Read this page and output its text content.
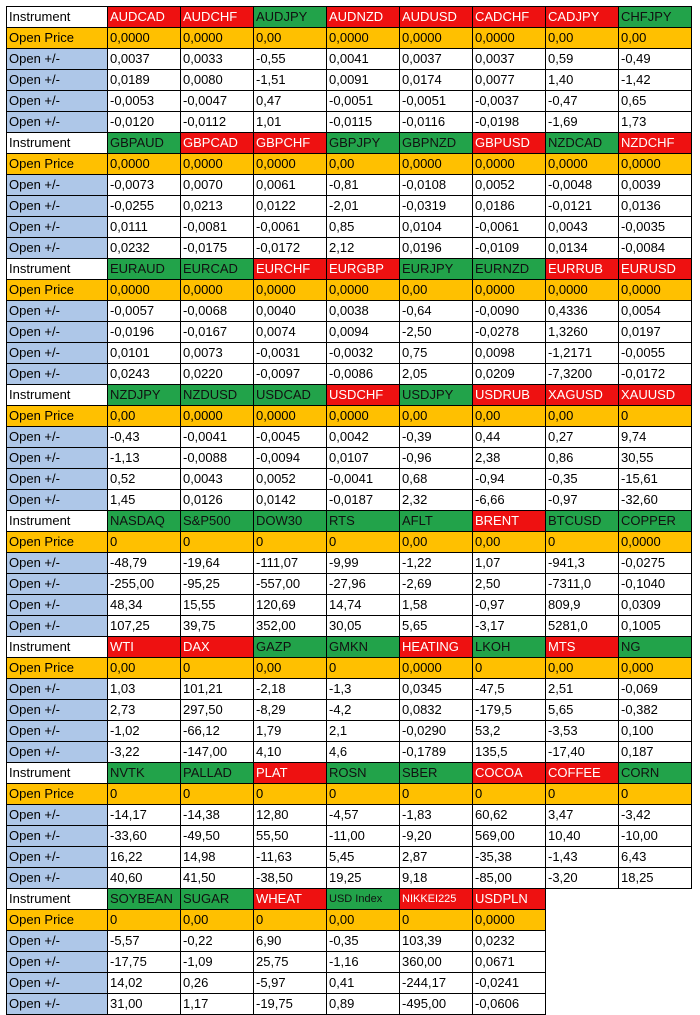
Instrument	AUDCAD	AUDCHF	AUDJPY	AUDNZD	AUDUSD	CADCHF	CADJPY	CHFJPY
Open Price	0,0000	0,0000	0,00	0,0000	0,0000	0,0000	0,00	0,00
Open +/-	0,0037	0,0033	-0,55	0,0041	0,0037	0,0037	0,59	-0,49
Open +/-	0,0189	0,0080	-1,51	0,0091	0,0174	0,0077	1,40	-1,42
Open +/-	-0,0053	-0,0047	0,47	-0,0051	-0,0051	-0,0037	-0,47	0,65
Open +/-	-0,0120	-0,0112	1,01	-0,0115	-0,0116	-0,0198	-1,69	1,73
Instrument	GBPAUD	GBPCAD	GBPCHF	GBPJPY	GBPNZD	GBPUSD	NZDCAD	NZDCHF
Open Price	0,0000	0,0000	0,0000	0,00	0,0000	0,0000	0,0000	0,0000
Open +/-	-0,0073	0,0070	0,0061	-0,81	-0,0108	0,0052	-0,0048	0,0039
Open +/-	-0,0255	0,0213	0,0122	-2,01	-0,0319	0,0186	-0,0121	0,0136
Open +/-	0,0111	-0,0081	-0,0061	0,85	0,0104	-0,0061	0,0043	-0,0035
Open +/-	0,0232	-0,0175	-0,0172	2,12	0,0196	-0,0109	0,0134	-0,0084
Instrument	EURAUD	EURCAD	EURCHF	EURGBP	EURJPY	EURNZD	EURRUB	EURUSD
Open Price	0,0000	0,0000	0,0000	0,0000	0,00	0,0000	0,0000	0,0000
Open +/-	-0,0057	-0,0068	0,0040	0,0038	-0,64	-0,0090	0,4336	0,0054
Open +/-	-0,0196	-0,0167	0,0074	0,0094	-2,50	-0,0278	1,3260	0,0197
Open +/-	0,0101	0,0073	-0,0031	-0,0032	0,75	0,0098	-1,2171	-0,0055
Open +/-	0,0243	0,0220	-0,0097	-0,0086	2,05	0,0209	-7,3200	-0,0172
Instrument	NZDJPY	NZDUSD	USDCAD	USDCHF	USDJPY	USDRUB	XAGUSD	XAUUSD
Open Price	0,00	0,0000	0,0000	0,0000	0,00	0,00	0,00	0
Open +/-	-0,43	-0,0041	-0,0045	0,0042	-0,39	0,44	0,27	9,74
Open +/-	-1,13	-0,0088	-0,0094	0,0107	-0,96	2,38	0,86	30,55
Open +/-	0,52	0,0043	0,0052	-0,0041	0,68	-0,94	-0,35	-15,61
Open +/-	1,45	0,0126	0,0142	-0,0187	2,32	-6,66	-0,97	-32,60
Instrument	NASDAQ	S&P500	DOW30	RTS	AFLT	BRENT	BTCUSD	COPPER
Open Price	0	0	0	0	0,00	0,00	0	0,0000
Open +/-	-48,79	-19,64	-111,07	-9,99	-1,22	1,07	-941,3	-0,0275
Open +/-	-255,00	-95,25	-557,00	-27,96	-2,69	2,50	-7311,0	-0,1040
Open +/-	48,34	15,55	120,69	14,74	1,58	-0,97	809,9	0,0309
Open +/-	107,25	39,75	352,00	30,05	5,65	-3,17	5281,0	0,1005
Instrument	WTI	DAX	GAZP	GMKN	HEATING	LKOH	MTS	NG
Open Price	0,00	0	0,00	0	0,0000	0	0,00	0,000
Open +/-	1,03	101,21	-2,18	-1,3	0,0345	-47,5	2,51	-0,069
Open +/-	2,73	297,50	-8,29	-4,2	0,0832	-179,5	5,65	-0,382
Open +/-	-1,02	-66,12	1,79	2,1	-0,0290	53,2	-3,53	0,100
Open +/-	-3,22	-147,00	4,10	4,6	-0,1789	135,5	-17,40	0,187
Instrument	NVTK	PALLAD	PLAT	ROSN	SBER	COCOA	COFFEE	CORN
Open Price	0	0	0	0	0	0	0	0
Open +/-	-14,17	-14,38	12,80	-4,57	-1,83	60,62	3,47	-3,42
Open +/-	-33,60	-49,50	55,50	-11,00	-9,20	569,00	10,40	-10,00
Open +/-	16,22	14,98	-11,63	5,45	2,87	-35,38	-1,43	6,43
Open +/-	40,60	41,50	-38,50	19,25	9,18	-85,00	-3,20	18,25
Instrument	SOYBEAN	SUGAR	WHEAT	USD Index	NIKKEI225	USDPLN		
Open Price	0	0,00	0	0,00	0	0,0000		
Open +/-	-5,57	-0,22	6,90	-0,35	103,39	0,0232		
Open +/-	-17,75	-1,09	25,75	-1,16	360,00	0,0671		
Open +/-	14,02	0,26	-5,97	0,41	-244,17	-0,0241		
Open +/-	31,00	1,17	-19,75	0,89	-495,00	-0,0606		
